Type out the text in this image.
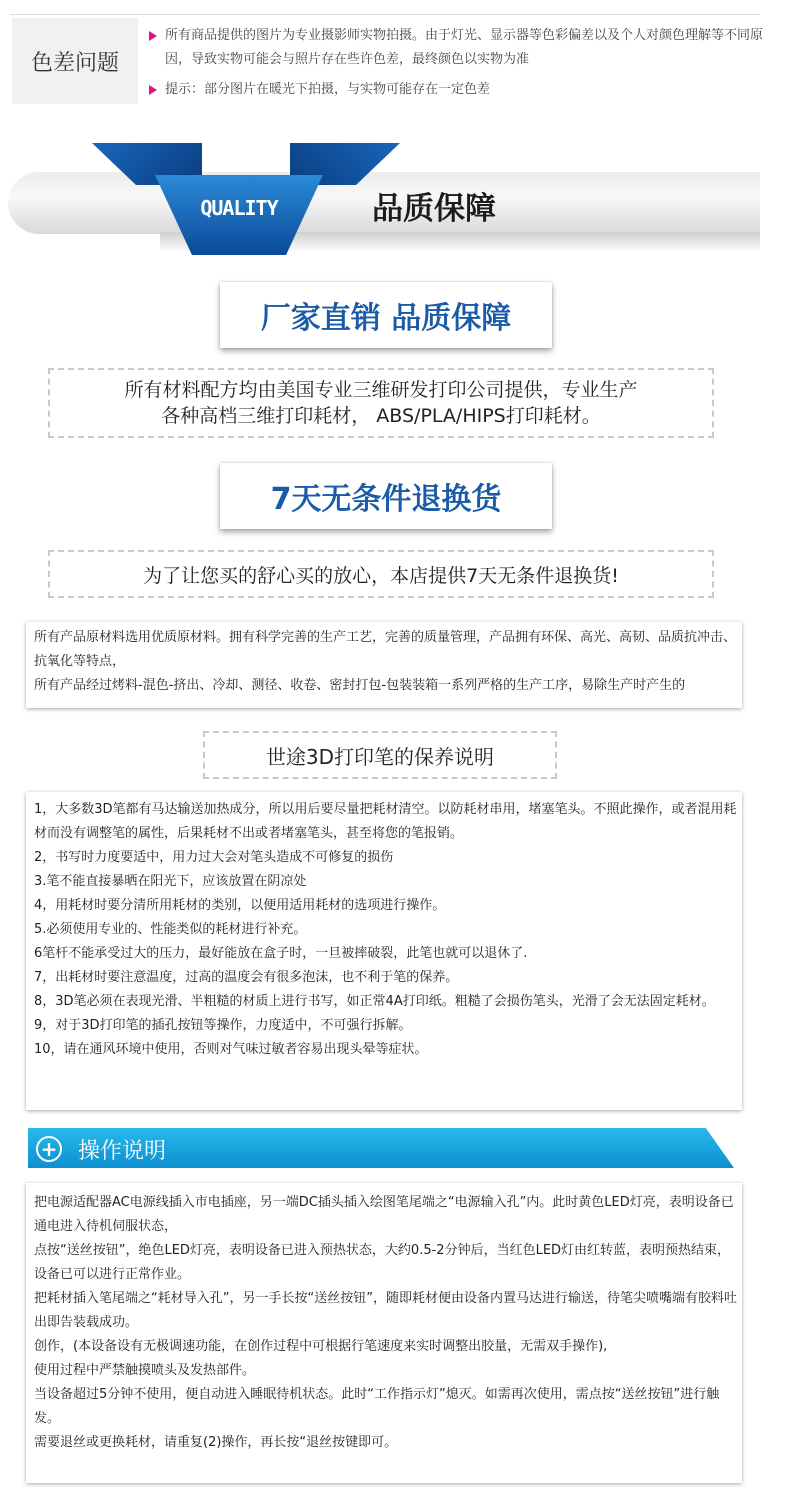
色差问题
所有商品提供的图片为专业摄影师实物拍摄。由于灯光、显示器等色彩偏差以及个人对颜色理解等不同原因，导致实物可能会与照片存在些许色差，最终颜色以实物为准
提示：部分图片在暖光下拍摄，与实物可能存在一定色差
QUALITY	品质保障
厂家直销 品质保障
所有材料配方均由美国专业三维研发打印公司提供，专业生产
各种高档三维打印耗材， ABS/PLA/HIPS打印耗材。
7天无条件退换货
为了让您买的舒心买的放心，本店提供7天无条件退换货!

所有产品原材料选用优质原材料。拥有科学完善的生产工艺，完善的质量管理，产品拥有环保、高光、高韧、品质抗冲击、抗氧化等特点，

所有产品经过烤料-混色-挤出、冷却、测径、收卷、密封打包-包装装箱一系列严格的生产工序，易除生产时产生的

世途3D打印笔的保养说明

1，大多数3D笔都有马达输送加热成分，所以用后要尽量把耗材清空。以防耗材串用，堵塞笔头。不照此操作，或者混用耗材而没有调整笔的属性，后果耗材不出或者堵塞笔头，甚至将您的笔报销。

2，书写时力度要适中，用力过大会对笔头造成不可修复的损伤

3.笔不能直接暴晒在阳光下，应该放置在阴凉处

4，用耗材时要分清所用耗材的类别，以便用适用耗材的选项进行操作。

5.必须使用专业的、性能类似的耗材进行补充。

6笔杆不能承受过大的压力，最好能放在盒子时，一旦被摔破裂，此笔也就可以退休了.

7，出耗材时要注意温度，过高的温度会有很多泡沫，也不利于笔的保养。

8，3D笔必须在表现光滑、半粗糙的材质上进行书写，如正常4A打印纸。粗糙了会损伤笔头，光滑了会无法固定耗材。

9，对于3D打印笔的插孔按钮等操作，力度适中，不可强行拆解。

10，请在通风环境中使用，否则对气味过敏者容易出现头晕等症状。

+ 操作说明

把电源适配器AC电源线插入市电插座，另一端DC插头插入绘图笔尾端之“电源输入孔”内。此时黄色LED灯亮，表明设备已通电进入待机伺服状态，

点按“送丝按钮”，绝色LED灯亮，表明设备已进入预热状态，大约0.5-2分钟后，当红色LED灯由红转蓝，表明预热结束，设备已可以进行正常作业。

把耗材插入笔尾端之“耗材导入孔”，另一手长按“送丝按钮”，随即耗材便由设备内置马达进行输送，待笔尖喷嘴端有胶料吐出即告装载成功。

创作，(本设备设有无极调速功能，在创作过程中可根据行笔速度来实时调整出胶量，无需双手操作),

使用过程中严禁触摸喷头及发热部件。

当设备超过5分钟不使用，便自动进入睡眠待机状态。此时“工作指示灯”熄灭。如需再次使用，需点按“送丝按钮”进行触发。

需要退丝或更换耗材，请重复(2)操作，再长按“退丝按键即可。
